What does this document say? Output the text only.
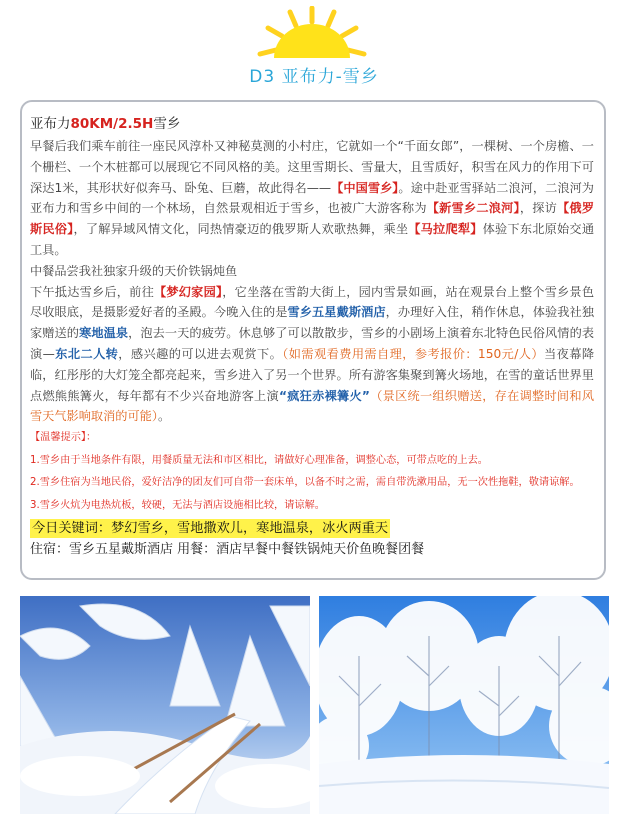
D3 亚布力-雪乡
亚布力80KM/2.5H雪乡

早餐后我们乘车前往一座民风淳朴又神秘莫测的小村庄，它就如一个“千面女郎”，一棵树、一个房檐、一个栅栏、一个木桩都可以展现它不同风格的美。这里雪期长、雪量大，且雪质好，积雪在风力的作用下可深达1米，其形状好似奔马、卧兔、巨蘑，故此得名——【中国雪乡】。途中赴亚雪驿站二浪河，二浪河为亚布力和雪乡中间的一个林场，自然景观相近于雪乡，也被广大游客称为【新雪乡二浪河】，探访【俄罗斯民俗】，了解异域风情文化，同热情豪迈的俄罗斯人欢歌热舞，乘坐【马拉爬犁】体验下东北原始交通工具。

中餐品尝我社独家升级的天价铁锅炖鱼

下午抵达雪乡后，前往【梦幻家园】，它坐落在雪韵大街上，园内雪景如画，站在观景台上整个雪乡景色尽收眼底，是摄影爱好者的圣殿。今晚入住的是雪乡五星戴斯酒店，办理好入住，稍作休息，体验我社独家赠送的寒地温泉，泡去一天的疲劳。休息够了可以散散步，雪乡的小剧场上演着东北特色民俗风情的表演—东北二人转，感兴趣的可以进去观赏下。（如需观看费用需自理，参考报价：150元/人）当夜幕降临，红彤彤的大灯笼全都亮起来，雪乡进入了另一个世界。所有游客集聚到篝火场地，在雪的童话世界里点燃熊熊篝火，每年都有不少兴奋地游客上演“疯狂赤裸篝火”（景区统一组织赠送，存在调整时间和风雪天气影响取消的可能）。

【温馨提示】：

1.雪乡由于当地条件有限，用餐质量无法和市区相比，请做好心理准备，调整心态，可带点吃的上去。

2.雪乡住宿为当地民俗，爱好洁净的团友们可自带一套床单，以备不时之需，需自带洗漱用品，无一次性拖鞋，敬请谅解。

3.雪乡火炕为电热炕板，较硬，无法与酒店设施相比较，请谅解。

今日关键词：梦幻雪乡，雪地撒欢儿，寒地温泉，冰火两重天

住宿：雪乡五星戴斯酒店 用餐：酒店早餐中餐铁锅炖天价鱼晚餐团餐
